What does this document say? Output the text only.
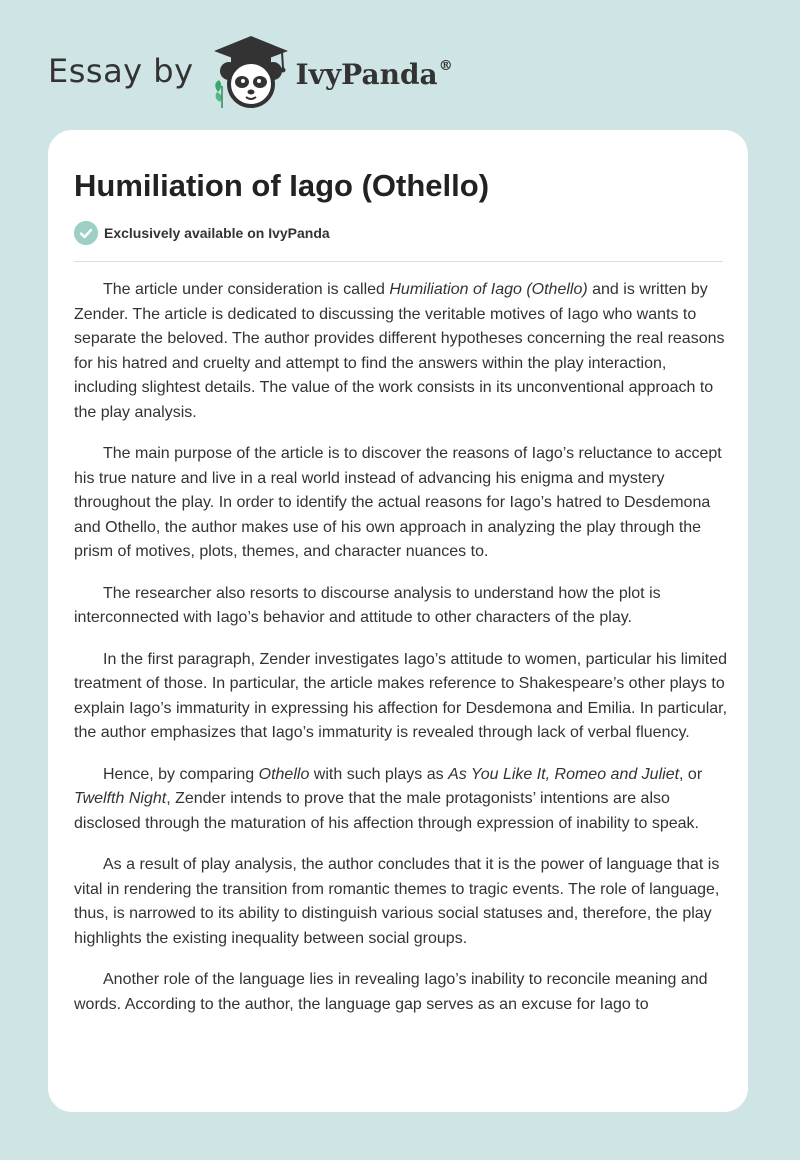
Essay by	IvyPanda®
Humiliation of Iago (Othello)
Exclusively available on IvyPanda

The article under consideration is called Humiliation of Iago (Othello) and is written by Zender. The article is dedicated to discussing the veritable motives of Iago who wants to separate the beloved. The author provides different hypotheses concerning the real reasons for his hatred and cruelty and attempt to find the answers within the play interaction, including slightest details. The value of the work consists in its unconventional approach to the play analysis.

The main purpose of the article is to discover the reasons of Iago’s reluctance to accept his true nature and live in a real world instead of advancing his enigma and mystery throughout the play. In order to identify the actual reasons for Iago’s hatred to Desdemona and Othello, the author makes use of his own approach in analyzing the play through the prism of motives, plots, themes, and character nuances to.

The researcher also resorts to discourse analysis to understand how the plot is interconnected with Iago’s behavior and attitude to other characters of the play.

In the first paragraph, Zender investigates Iago’s attitude to women, particular his limited treatment of those. In particular, the article makes reference to Shakespeare’s other plays to explain Iago’s immaturity in expressing his affection for Desdemona and Emilia. In particular, the author emphasizes that Iago’s immaturity is revealed through lack of verbal fluency.

Hence, by comparing Othello with such plays as As You Like It, Romeo and Juliet, or Twelfth Night, Zender intends to prove that the male protagonists’ intentions are also disclosed through the maturation of his affection through expression of inability to speak.

As a result of play analysis, the author concludes that it is the power of language that is vital in rendering the transition from romantic themes to tragic events. The role of language, thus, is narrowed to its ability to distinguish various social statuses and, therefore, the play highlights the existing inequality between social groups.

Another role of the language lies in revealing Iago’s inability to reconcile meaning and words. According to the author, the language gap serves as an excuse for Iago to
